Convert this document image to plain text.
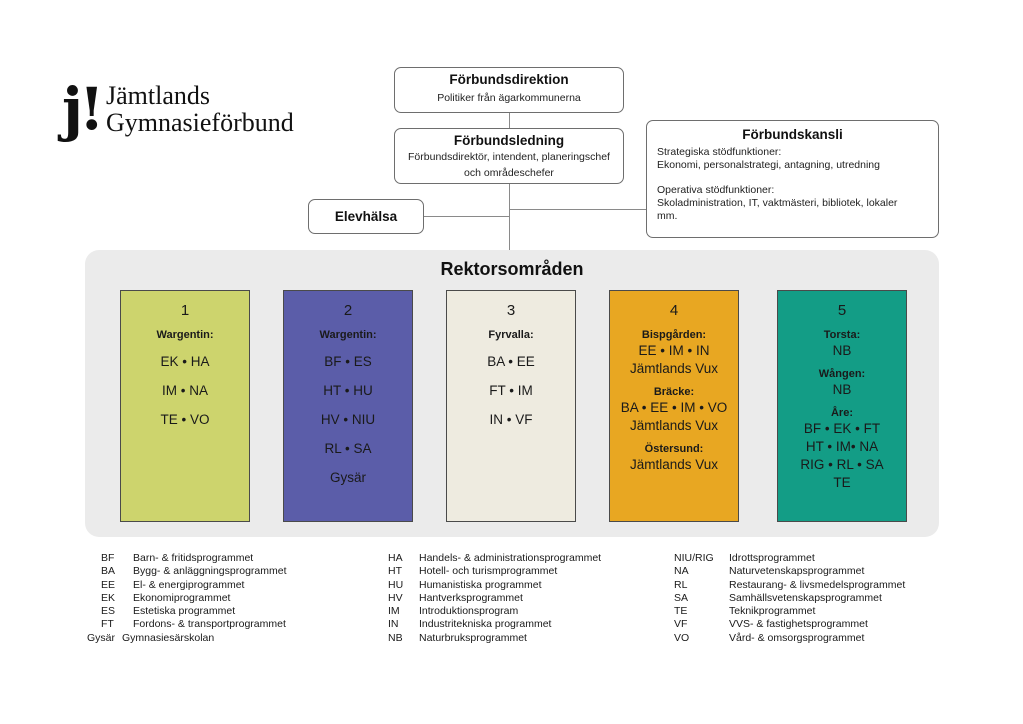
j! Jämtlands
Gymnasieförbund
Förbundsdirektion
Politiker från ägarkommunerna
Förbundsledning
Förbundsdirektör, intendent, planeringschef
och områdeschefer
Elevhälsa
Förbundskansli
Strategiska stödfunktioner:
Ekonomi, personalstrategi, antagning, utredning
Operativa stödfunktioner:
Skoladministration, IT, vaktmästeri, bibliotek, lokaler
mm.
Rektorsområden
1
Wargentin:
EK • HA
IM • NA
TE • VO
2
Wargentin:
BF • ES
HT • HU
HV • NIU
RL • SA
Gysär
3
Fyrvalla:
BA • EE
FT • IM
IN • VF
4
Bispgården:
EE • IM • IN
Jämtlands Vux
Bräcke:
BA • EE • IM • VO
Jämtlands Vux
Östersund:
Jämtlands Vux
5
Torsta:
NB
Wången:
NB
Åre:
BF • EK • FT
HT • IM• NA
RIG • RL • SA
TE
BF	Barn- & fritidsprogrammet
BA	Bygg- & anläggningsprogrammet
EE	El- & energiprogrammet
EK	Ekonomiprogrammet
ES	Estetiska programmet
FT	Fordons- & transportprogrammet
Gysär Gymnasiesärskolan
HA	Handels- & administrationsprogrammet
HT	Hotell- och turismprogrammet
HU	Humanistiska programmet
HV	Hantverksprogrammet
IM	Introduktionsprogram
IN	Industritekniska programmet
NB	Naturbruksprogrammet
NIU/RIG	Idrottsprogrammet
NA	Naturvetenskapsprogrammet
RL	Restaurang- & livsmedelsprogrammet
SA	Samhällsvetenskapsprogrammet
TE	Teknikprogrammet
VF	VVS- & fastighetsprogrammet
VO	Vård- & omsorgsprogrammet
